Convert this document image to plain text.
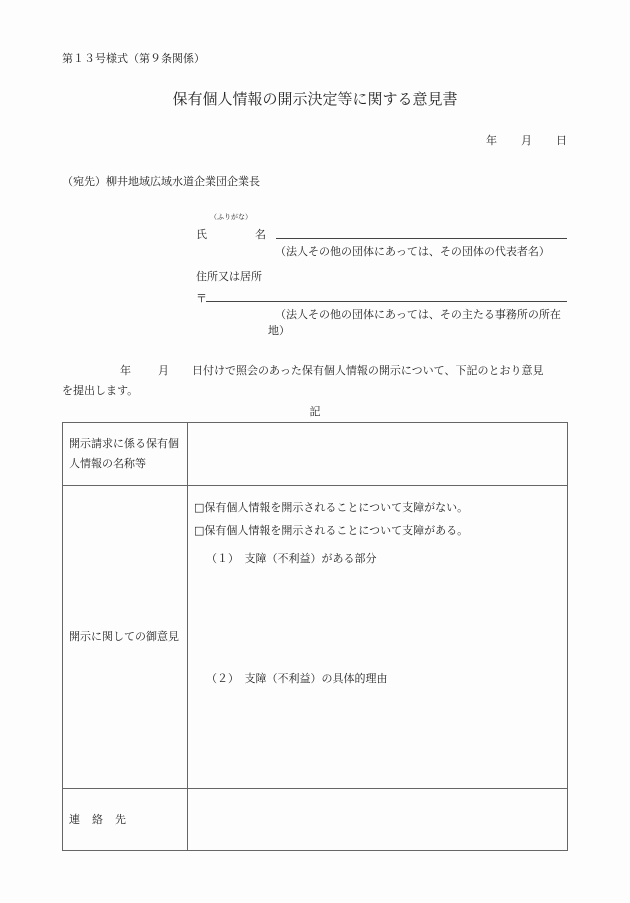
第１３号様式（第９条関係）
保有個人情報の開示決定等に関する意見書
年 月 日
（宛先）柳井地域広域水道企業団企業長
（ふりがな）
氏	名
（法人その他の団体にあっては、その団体の代表者名）
住所又は居所
〒
（法人その他の団体にあっては、その主たる事務所の所在
地）
年 月 日付けで照会のあった保有個人情報の開示について、下記のとおり意見
を提出します。
記
開示請求に係る保有個人情報の名称等	
開示に関しての御意見	□保有個人情報を開示されることについて支障がない。
□保有個人情報を開示されることについて支障がある。
（１）　支障（不利益）がある部分
（２）　支障（不利益）の具体的理由

連 絡 先	
